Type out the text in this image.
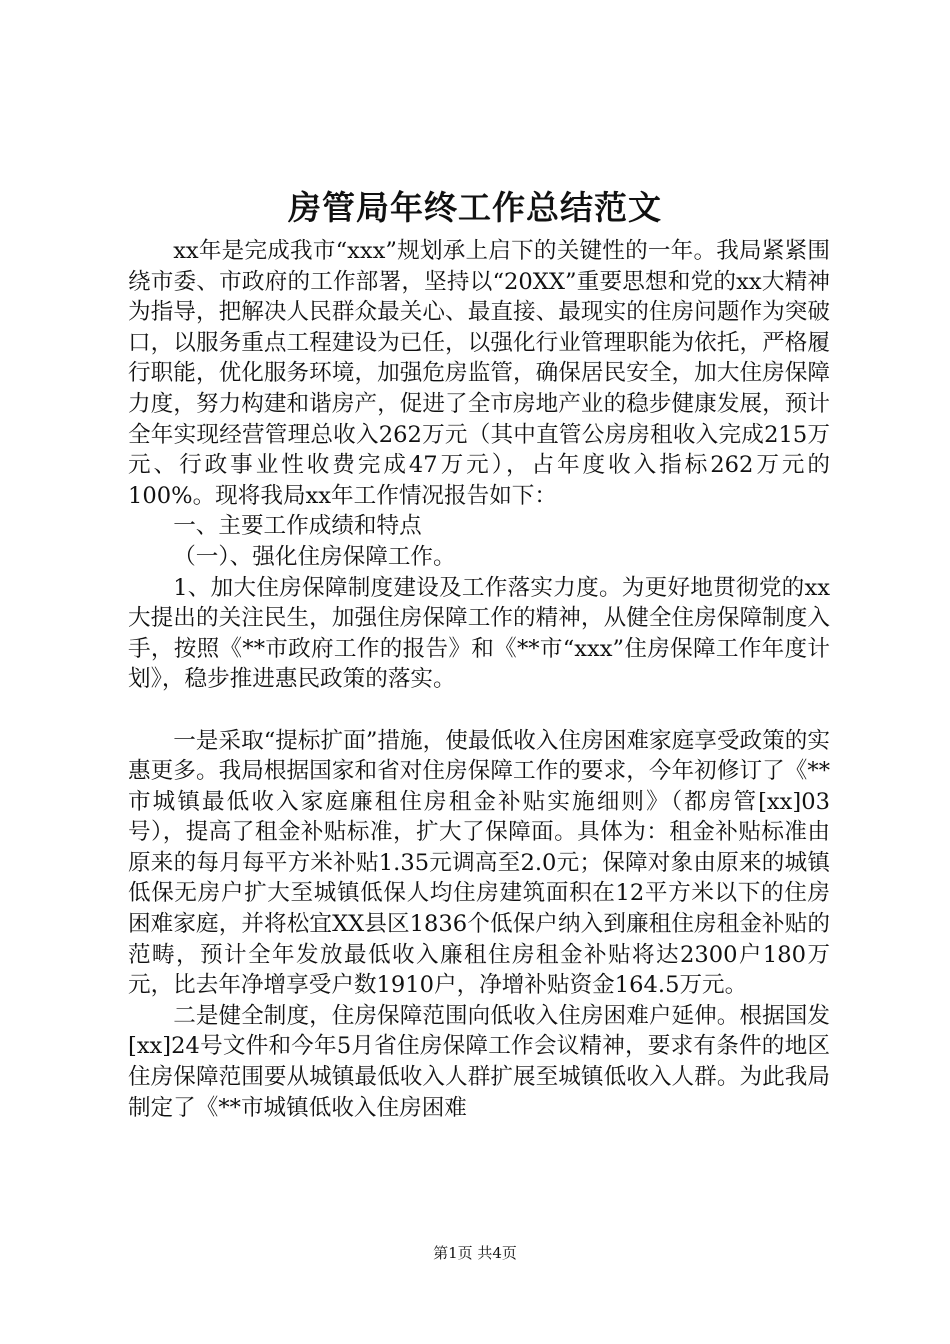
房管局年终工作总结范文

xx年是完成我市“xxx”规划承上启下的关键性的一年。我局紧紧围绕市委、市政府的工作部署，坚持以“20XX”重要思想和党的xx大精神为指导，把解决人民群众最关心、最直接、最现实的住房问题作为突破口，以服务重点工程建设为已任，以强化行业管理职能为依托，严格履行职能，优化服务环境，加强危房监管，确保居民安全，加大住房保障力度，努力构建和谐房产，促进了全市房地产业的稳步健康发展，预计全年实现经营管理总收入262万元（其中直管公房房租收入完成215万元、行政事业性收费完成47万元），占年度收入指标262万元的100%。现将我局xx年工作情况报告如下：

一、主要工作成绩和特点

（一）、强化住房保障工作。

1、加大住房保障制度建设及工作落实力度。为更好地贯彻党的xx大提出的关注民生，加强住房保障工作的精神，从健全住房保障制度入手，按照《**市政府工作的报告》和《**市“xxx”住房保障工作年度计划》，稳步推进惠民政策的落实。

一是采取“提标扩面”措施，使最低收入住房困难家庭享受政策的实惠更多。我局根据国家和省对住房保障工作的要求，今年初修订了《**市城镇最低收入家庭廉租住房租金补贴实施细则》（都房管[xx]03号），提高了租金补贴标准，扩大了保障面。具体为：租金补贴标准由原来的每月每平方米补贴1.35元调高至2.0元；保障对象由原来的城镇低保无房户扩大至城镇低保人均住房建筑面积在12平方米以下的住房困难家庭，并将松宜XX县区1836个低保户纳入到廉租住房租金补贴的范畴，预计全年发放最低收入廉租住房租金补贴将达2300户180万元，比去年净增享受户数1910户，净增补贴资金164.5万元。

二是健全制度，住房保障范围向低收入住房困难户延伸。根据国发[xx]24号文件和今年5月省住房保障工作会议精神，要求有条件的地区住房保障范围要从城镇最低收入人群扩展至城镇低收入人群。为此我局制定了《**市城镇低收入住房困难

第1页 共4页
